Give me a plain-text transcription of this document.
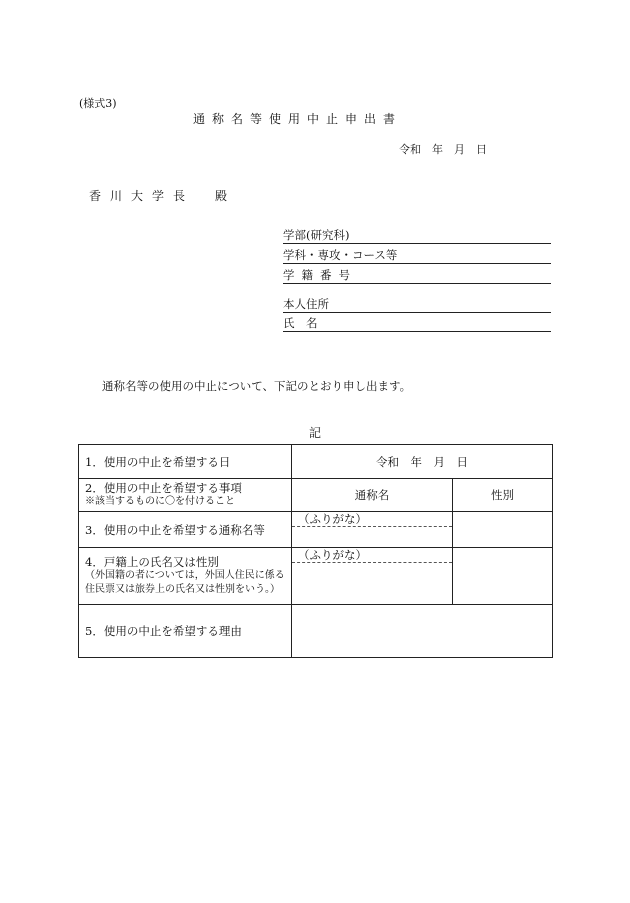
(様式3)
通称名等使用中止申出書
令和　年　月　日
香川大学長　殿
学部(研究科)
学科・専攻・コース等
学籍番号
本人住所
氏　名
通称名等の使用の中止について、下記のとおり申し出ます。
記
1．使用の中止を希望する日	令和　年　月　日	

2．使用の中止を希望する事項
※該当するものに〇を付けること	通称名	性別
3．使用の中止を希望する通称名等	（ふりがな）	

4．戸籍上の氏名又は性別
（外国籍の者については，外国人住民に係る住民票又は旅券上の氏名又は性別をいう。）	（ふりがな）	

5．使用の中止を希望する理由		
